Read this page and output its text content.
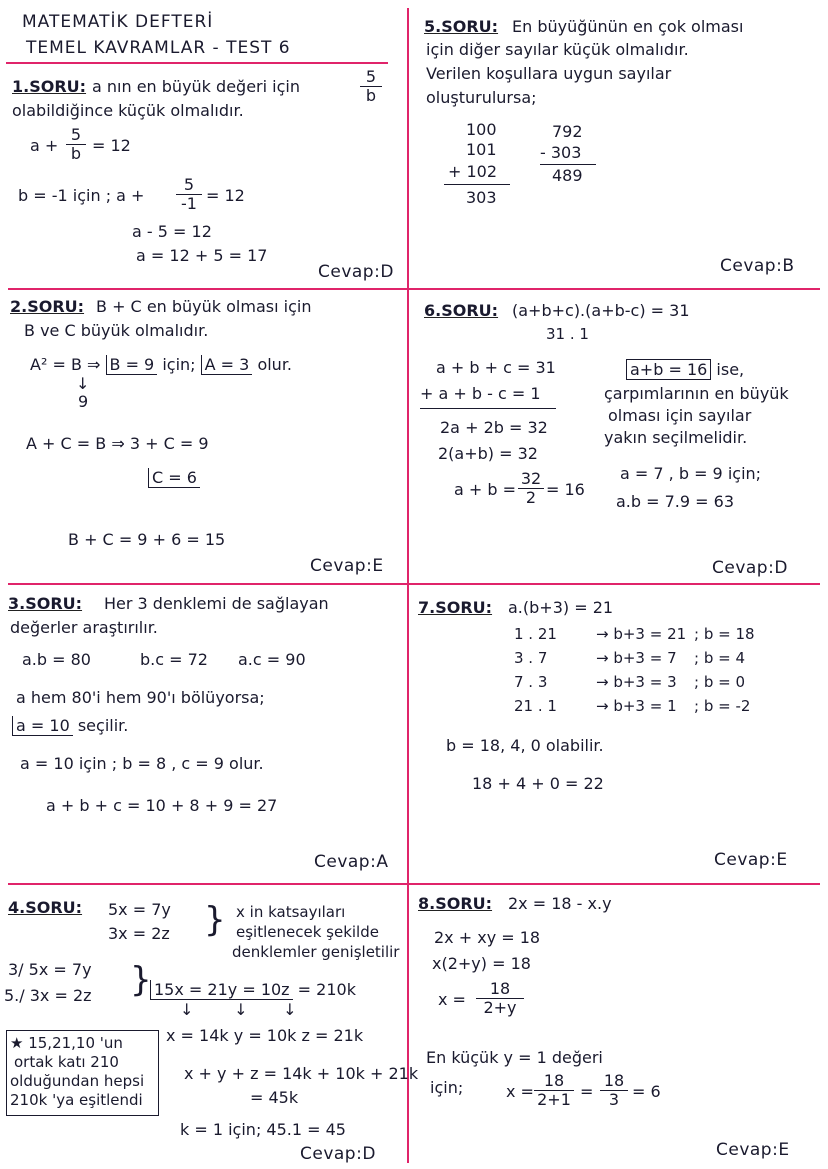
MATEMATİK DEFTERİ
TEMEL KAVRAMLAR - TEST 6
1.SORU: a nın en büyük değeri için	$\frac{5}{b}$
olabildiğince küçük olmalıdır.
$a + \frac{5}{b} = 12$
b = -1 için ; $a + \frac{5}{-1} = 12$
a - 5 = 12
a = 12 + 5 = 17
Cevap:D
5.SORU: En büyüğünün en çok olması
için diğer sayılar küçük olmalıdır.
Verilen koşullara uygun sayılar
oluşturulursa;
100
101
+ 102
303
792
- 303
489
Cevap:B
2.SORU: B + C en büyük olması için
B ve C büyük olmalıdır.
A² = B ⇒ B = 9 için; A = 3 olur.
↓
9
A + C = B ⇒ 3 + C = 9
C = 6
B + C = 9 + 6 = 15
Cevap:E
6.SORU: (a+b+c).(a+b-c) = 31
31 . 1
a + b + c = 31
+ a + b - c = 1
2a + 2b = 32
2(a+b) = 32
$a + b = \frac{32}{2} = 16$
a+b = 16 ise,
çarpımlarının en büyük
olması için sayılar
yakın seçilmelidir.
a = 7 , b = 9 için;
a.b = 7.9 = 63
Cevap:D
3.SORU: Her 3 denklemi de sağlayan
değerler araştırılır.
a.b = 80	b.c = 72 a.c = 90
a hem 80'i hem 90'ı bölüyorsa;
a = 10 seçilir.
a = 10 için ; b = 8 , c = 9 olur.
a + b + c = 10 + 8 + 9 = 27
Cevap:A
7.SORU: a.(b+3) = 21
1 . 21	→ b+3 = 21 ; b = 18
3 . 7	→ b+3 = 7 ; b = 4
7 . 3	→ b+3 = 3 ; b = 0
21 . 1	→ b+3 = 1 ; b = -2
b = 18, 4, 0 olabilir.
18 + 4 + 0 = 22
Cevap:E
4.SORU: 5x = 7y
3x = 2z } x in katsayıları
eşitlenecek şekilde
denklemler genişletilir
3/ 5x = 7y
5./ 3x = 2z } 15x = 21y = 10z = 210k
↓        ↓       ↓
★ 15,21,10 'un
ortak katı 210
olduğundan hepsi
210k 'ya eşitlendi
x = 14k y = 10k z = 21k
x + y + z = 14k + 10k + 21k
= 45k
k = 1 için; 45.1 = 45
Cevap:D
8.SORU: 2x = 18 - x.y
2x + xy = 18
x(2+y) = 18
$x = \frac{18}{2+y}$
En küçük y = 1 değeri
için;	$x = \frac{18}{2+1} = \frac{18}{3} = 6$
Cevap:E
